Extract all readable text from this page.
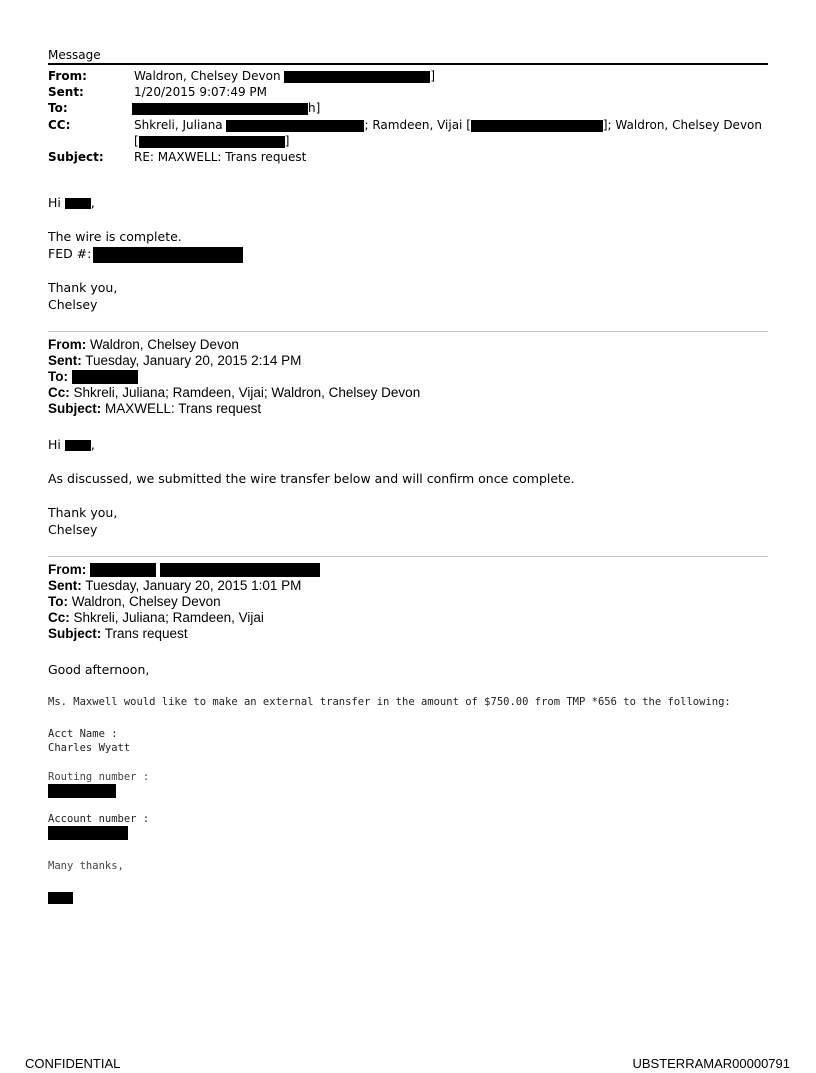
Message
From:	Waldron, Chelsey Devon	]
Sent:	1/20/2015 9:07:49 PM
To:	h]
CC:	Shkreli, Juliana	; Ramdeen, Vijai [	]; Waldron, Chelsey Devon
[	]
Subject:	RE: MAXWELL: Trans request
Hi ,
The wire is complete.
FED #:
Thank you,
Chelsey
From: Waldron, Chelsey Devon
Sent: Tuesday, January 20, 2015 2:14 PM
To:
Cc: Shkreli, Juliana; Ramdeen, Vijai; Waldron, Chelsey Devon
Subject: MAXWELL: Trans request
Hi ,
As discussed, we submitted the wire transfer below and will confirm once complete.
Thank you,
Chelsey
From:
Sent: Tuesday, January 20, 2015 1:01 PM
To: Waldron, Chelsey Devon
Cc: Shkreli, Juliana; Ramdeen, Vijai
Subject: Trans request
Good afternoon,
Ms. Maxwell would like to make an external transfer in the amount of $750.00 from TMP *656 to the following:
Acct Name :
Charles Wyatt
Routing number :
Account number :
Many thanks,
CONFIDENTIAL	UBSTERRAMAR00000791
